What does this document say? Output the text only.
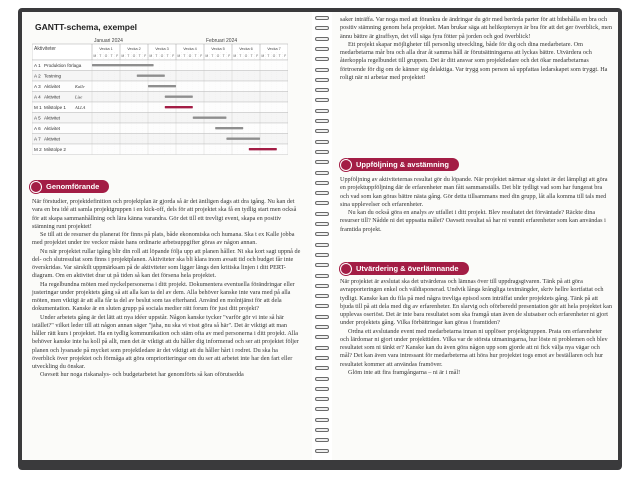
GANTT-schema, exempel
Januari 2024	Februari 2024
Aktiviteter	Vecka 1	Vecka 2	Vecka 3	Vecka 4	Vecka 5	Vecka 6	Vecka 7
M T O T F M T O T F M T O T F M T O T F M T O T F M T O T F M T O T F
A 1 Produktion förlaga
A 2 Testning
A 3 Aktivitet	Kalle
A 4 Aktivitet	Lise
M 1 Milstolpe 1 ALLA
A 5 Aktivitet
A 6 Aktivitet
A 7 Aktivitet
M 2 Milstolpe 2
Genomförande

När förstudier, projektdefinition och projektplan är gjorda så är det äntligen dags att dra igång. Nu kan det vara en bra idé att samla projektgruppen i en kick-off, dels för att projektet ska få en tydlig start men också för att skapa sammanhållning och lära känna varandra. Gör det till ett trevligt event, skapa en positiv stämning runt projektet!

Se till att de resurser du planerat för finns på plats, både ekonomiska och humana. Ska t ex Kalle jobba med projektet under tre veckor måste hans ordinarie arbetsuppgifter göras av någon annan.

Nu när projektet rullar igång blir din roll att löpande följa upp att planen håller. Ni ska kort sagt uppnå de del- och slutresultat som finns i projektplanen. Aktiviteter ska bli klara inom avsatt tid och budget får inte överskridas. Var särskilt uppmärksam på de aktiviteter som ligger längs den kritiska linjen i ditt PERT-diagram. Om en aktivitet drar ut på tiden så kan det försena hela projektet.

Ha regelbundna möten med nyckelpersonerna i ditt projekt. Dokumentera eventuella förändringar eller justeringar under projektets gång så att alla kan ta del av dem. Alla behöver kanske inte vara med på alla möten, men viktigt är att alla får ta del av beslut som tas efterhand. Använd en molntjänst för att dela dokumentation. Kanske är en sluten grupp på sociala medier rätt forum för just ditt projekt?

Under arbetets gång är det lätt att nya idéer uppstår. Någon kanske tycker "varför gör vi inte så här istället?" vilket leder till att någon annan säger "jaha, nu ska vi visst göra så här". Det är viktigt att man håller rätt kurs i projektet. Ha en tydlig kommunikation och stäm ofta av med personerna i ditt projekt. Alla behöver kanske inte ha koll på allt, men det är viktigt att du håller dig informerad och ser att projektet följer planen och lyssnade på mycket som projektledare är det viktigt att du håller hårt i rodret. Du ska ha överblick över projektet och förmåga att göra omprioriteringar om du ser att arbetet inte har den fart eller utveckling du önskar.

Oavsett hur noga riskanalys- och budgetarbetet har genomförts så kan oförutsedda

saker inträffa. Var noga med att förankra de ändringar du gör med berörda parter för att bibehålla en bra och positiv stämning genom hela projektet. Man brukar säga att helikoptersyn är bra för att det ger överblick, men ännu bättre är giraffsyn, det vill säga fyra fötter på jorden och god överblick!

Ett projekt skapar möjligheter till personlig utveckling, både för dig och dina medarbetare. Om medarbetarna mår bra och alla drar åt samma håll är förutsättningarna att lyckas bättre. Utvärdera och återkoppla regelbundet till gruppen. Det är ditt ansvar som projektledare och det ökar medarbetarnas förtroende för dig om de känner sig delaktiga. Var trygg som person så uppfattas ledarskapet som tryggt. Ha roligt när ni arbetar med projektet!

Uppföljning & avstämning

Uppföljning av aktiviteternas resultat gör du löpande. När projektet närmar sig slutet är det lämpligt att göra en projektuppföljning där de erfarenheter man fått sammanställs. Det blir tydligt vad som har fungerat bra och vad som kan göras bättre nästa gång. Gör detta tillsammans med din grupp, låt alla komma till tals med sina upplevelser och erfarenheter.

Nu kan du också göra en analys av utfallet i ditt projekt. Blev resultatet det förväntade? Räckte dina resurser till? Nådde ni det uppsatta målet? Oavsett resultat så har ni vunnit erfarenheter som kan användas i framtida projekt.

Utvärdering & överlämnande

När projektet är avslutat ska det utvärderas och lämnas över till uppdragsgivaren. Tänk på att göra avrapporteringen enkel och väldisponerad. Undvik långa krångliga textmängder, skriv hellre kortfattat och tydligt. Kanske kan du fila på med några trevliga episod som inträffat under projektets gång. Tänk på att bjuda till på att dela med dig av erfarenheter. En slarvig och oförberedd presentation gör att hela projektet kan upplevas oseriöst. Det är inte bara resultatet som ska framgå utan även de slutsatser och erfarenheter ni gjort under projektets gång. Vilka förbättringar kan göras i framtiden?

Ordna ett avslutande event med medarbetarna innan ni upplöser projektgruppen. Prata om erfarenheter och lärdomar ni gjort under projekttiden. Vilka var de största utmaningarna, hur löste ni problemen och blev resultatet som ni tänkt er? Kanske kan du även göra någon upp som gjorde att ni fick välja nya vägar och mål? Det kan även vara intressant för medarbeterna att höra hur projektet togs emot av beställaren och hur resultatet kommer att användas framöver.

Glöm inte att fira framgångarna – ni är i mål!
